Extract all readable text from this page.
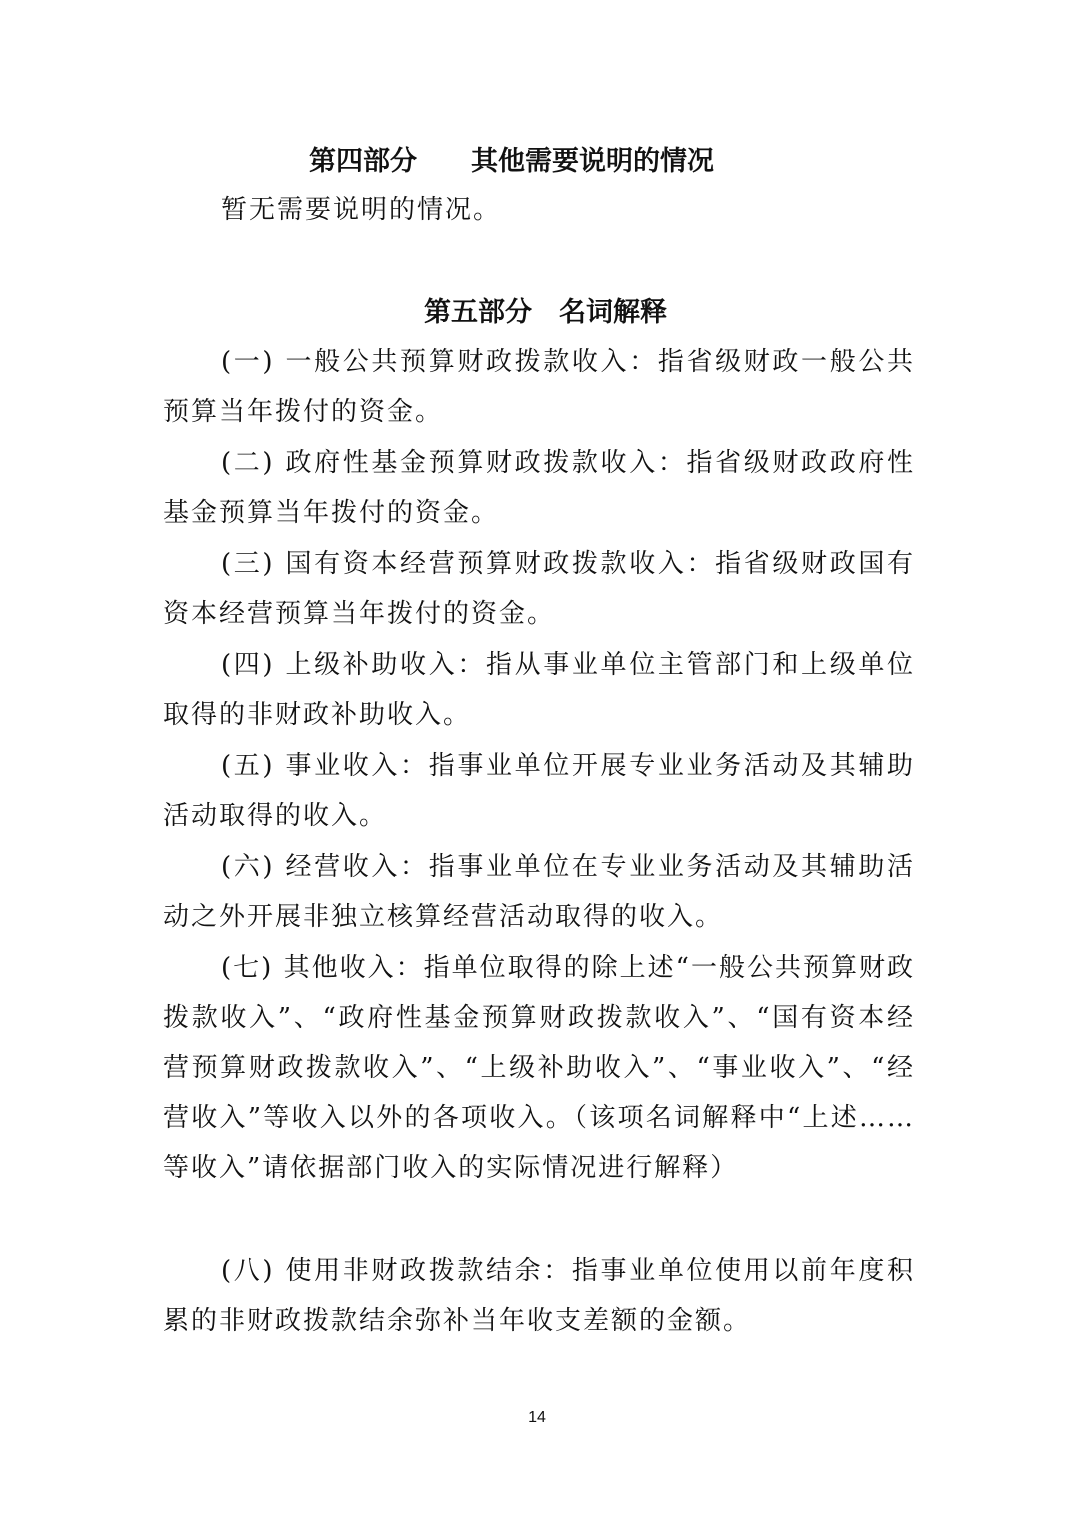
第四部分　　其他需要说明的情况

暂无需要说明的情况。

第五部分　名词解释

(一) 一般公共预算财政拨款收入：指省级财政一般公共预算当年拨付的资金。

(二) 政府性基金预算财政拨款收入：指省级财政政府性基金预算当年拨付的资金。

(三) 国有资本经营预算财政拨款收入：指省级财政国有资本经营预算当年拨付的资金。

(四) 上级补助收入：指从事业单位主管部门和上级单位取得的非财政补助收入。

(五) 事业收入：指事业单位开展专业业务活动及其辅助活动取得的收入。

(六) 经营收入：指事业单位在专业业务活动及其辅助活动之外开展非独立核算经营活动取得的收入。

(七) 其他收入：指单位取得的除上述“一般公共预算财政拨款收入”、“政府性基金预算财政拨款收入”、“国有资本经营预算财政拨款收入”、“上级补助收入”、“事业收入”、“经营收入”等收入以外的各项收入。（该项名词解释中“上述……等收入”请依据部门收入的实际情况进行解释）

(八) 使用非财政拨款结余：指事业单位使用以前年度积累的非财政拨款结余弥补当年收支差额的金额。

14
